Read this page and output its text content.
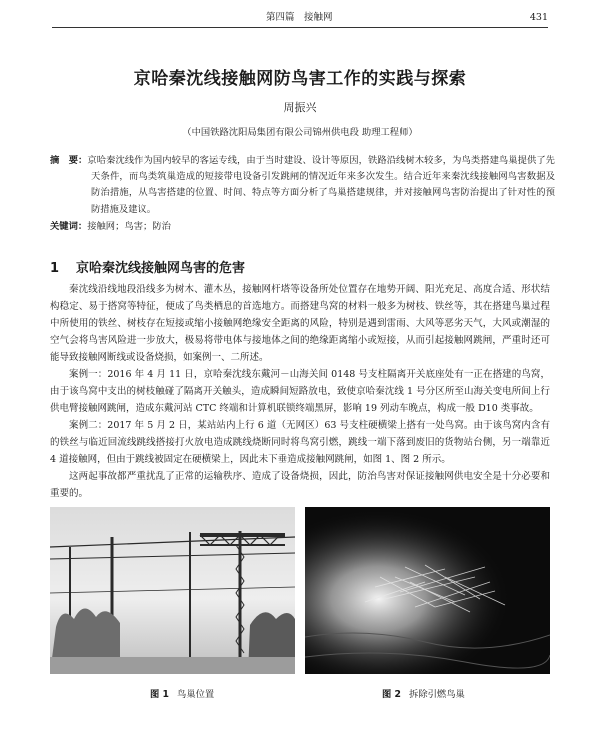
第四篇　接触网	431
京哈秦沈线接触网防鸟害工作的实践与探索
周振兴
（中国铁路沈阳局集团有限公司锦州供电段 助理工程师）
摘　要：京哈秦沈线作为国内较早的客运专线，由于当时建设、设计等原因，铁路沿线树木较多，为鸟类搭建鸟巢提供了先天条件，而鸟类筑巢造成的短接带电设备引发跳闸的情况近年来多次发生。结合近年来秦沈线接触网鸟害数据及防治措施，从鸟害搭建的位置、时间、特点等方面分析了鸟巢搭建规律，并对接触网鸟害防治提出了针对性的预防措施及建议。
关键词：接触网；鸟害；防治
1 京哈秦沈线接触网鸟害的危害

秦沈线沿线地段沿线多为树木、灌木丛，接触网杆塔等设备所处位置存在地势开阔、阳光充足、高度合适、形状结构稳定、易于搭窝等特征，便成了鸟类栖息的首选地方。而搭建鸟窝的材料一般多为树枝、铁丝等，其在搭建鸟巢过程中所使用的铁丝、树枝存在短接或缩小接触网绝缘安全距离的风险，特别是遇到雷雨、大风等恶劣天气，大风或潮湿的空气会将鸟害风险进一步放大，极易将带电体与接地体之间的绝缘距离缩小或短接，从而引起接触网跳闸，严重时还可能导致接触网断线或设备烧损，如案例一、二所述。

案例一：2016 年 4 月 11 日，京哈秦沈线东戴河－山海关间 0148 号支柱隔离开关底座处有一正在搭建的鸟窝，由于该鸟窝中支出的树枝触碰了隔离开关触头，造成瞬间短路放电，致使京哈秦沈线 1 号分区所至山海关变电所间上行供电臂接触网跳闸，造成东戴河站 CTC 终端和计算机联锁终端黑屏，影响 19 列动车晚点，构成一般 D10 类事故。

案例二：2017 年 5 月 2 日，某站站内上行 6 道（无网区）63 号支柱硬横梁上搭有一处鸟窝。由于该鸟窝内含有的铁丝与临近回流线跳线搭接打火放电造成跳线烧断同时将鸟窝引燃，跳线一端下落到废旧的货物站台侧，另一端靠近 4 道接触网，但由于跳线被固定在硬横梁上，因此未下垂造成接触网跳闸，如图 1、图 2 所示。

这两起事故都严重扰乱了正常的运输秩序、造成了设备烧损，因此，防治鸟害对保证接触网供电安全是十分必要和重要的。

图 1 鸟巢位置	图 2 拆除引燃鸟巢
